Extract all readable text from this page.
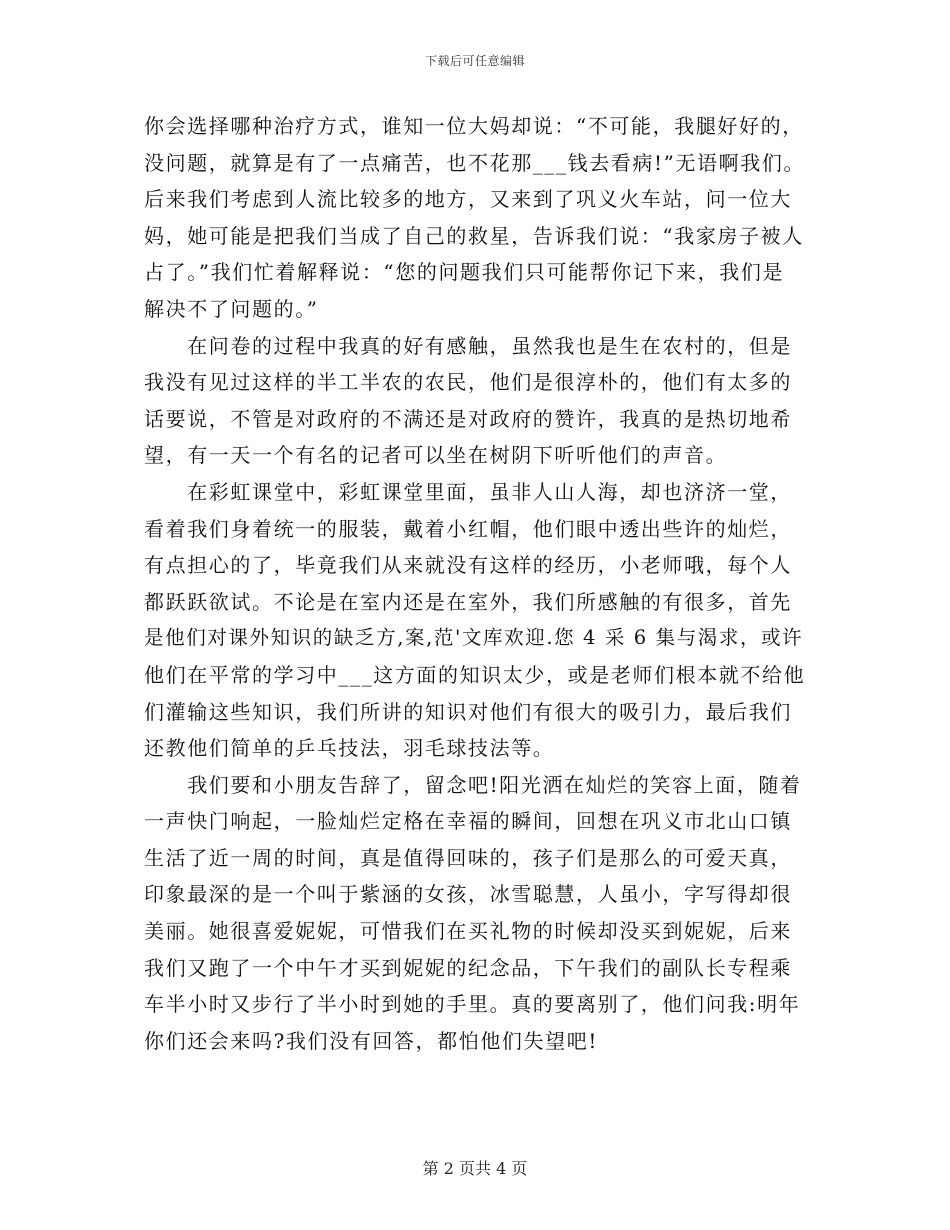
下载后可任意编辑
你会选择哪种治疗方式，谁知一位大妈却说：“不可能，我腿好好的，
没问题，就算是有了一点痛苦，也不花那___钱去看病!”无语啊我们。
后来我们考虑到人流比较多的地方，又来到了巩义火车站，问一位大
妈，她可能是把我们当成了自己的救星，告诉我们说：“我家房子被人
占了。”我们忙着解释说：“您的问题我们只可能帮你记下来，我们是
解决不了问题的。”
　　在问卷的过程中我真的好有感触，虽然我也是生在农村的，但是
我没有见过这样的半工半农的农民，他们是很淳朴的，他们有太多的
话要说，不管是对政府的不满还是对政府的赞许，我真的是热切地希
望，有一天一个有名的记者可以坐在树阴下听听他们的声音。
　　在彩虹课堂中，彩虹课堂里面，虽非人山人海，却也济济一堂，
看着我们身着统一的服装，戴着小红帽，他们眼中透出些许的灿烂，
有点担心的了，毕竟我们从来就没有这样的经历，小老师哦，每个人
都跃跃欲试。不论是在室内还是在室外，我们所感触的有很多，首先
是他们对课外知识的缺乏方,案,范'文库欢迎.您 4 采 6 集与渴求，或许
他们在平常的学习中___这方面的知识太少，或是老师们根本就不给他
们灌输这些知识，我们所讲的知识对他们有很大的吸引力，最后我们
还教他们简单的乒乓技法，羽毛球技法等。
　　我们要和小朋友告辞了，留念吧!阳光洒在灿烂的笑容上面，随着
一声快门响起，一脸灿烂定格在幸福的瞬间，回想在巩义市北山口镇
生活了近一周的时间，真是值得回味的，孩子们是那么的可爱天真，
印象最深的是一个叫于紫涵的女孩，冰雪聪慧，人虽小，字写得却很
美丽。她很喜爱妮妮，可惜我们在买礼物的时候却没买到妮妮，后来
我们又跑了一个中午才买到妮妮的纪念品，下午我们的副队长专程乘
车半小时又步行了半小时到她的手里。真的要离别了，他们问我:明年
你们还会来吗?我们没有回答，都怕他们失望吧!
第 2 页共 4 页
